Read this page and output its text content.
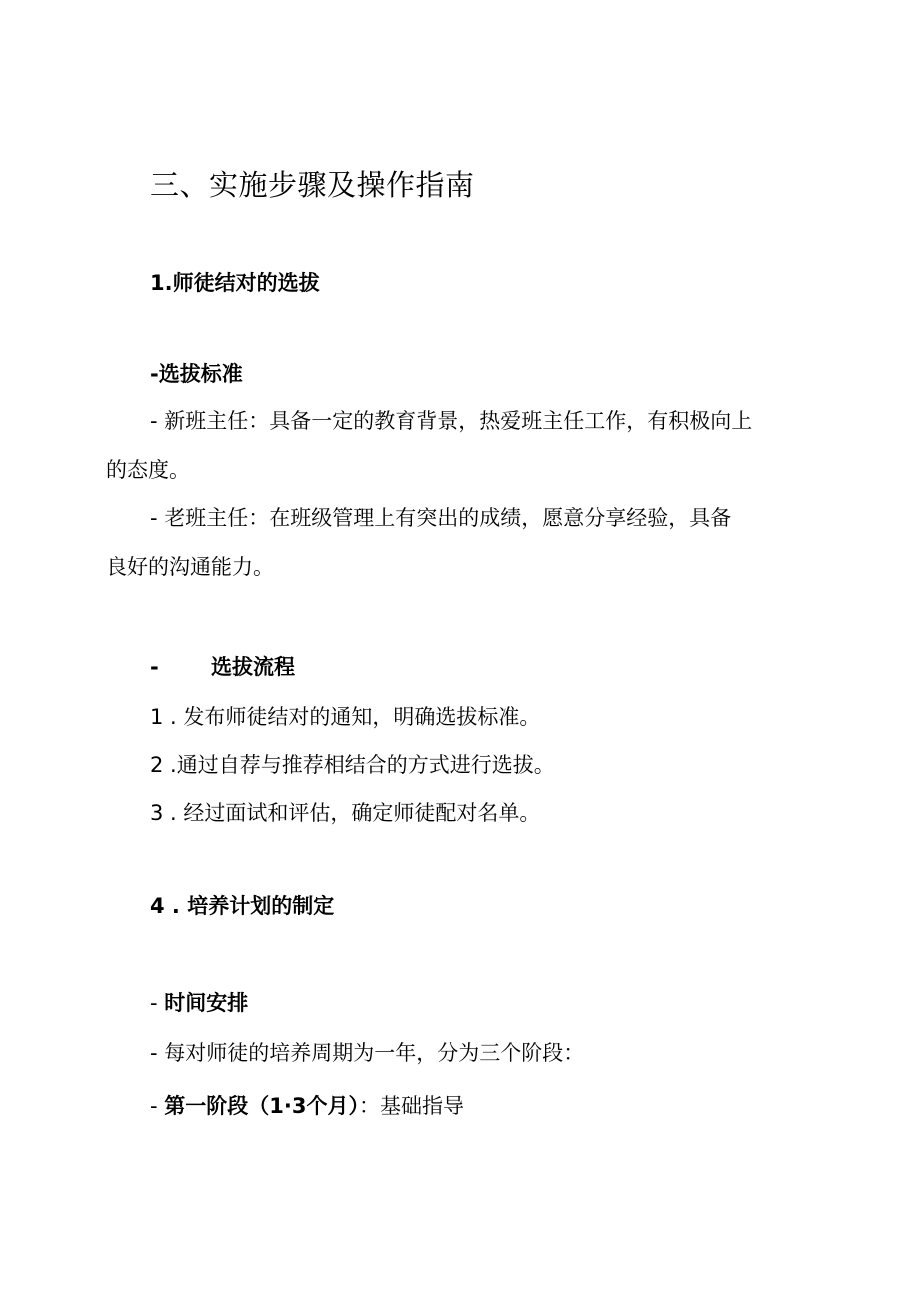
三、实施步骤及操作指南
1.师徒结对的选拔
-选拔标准
- 新班主任：具备一定的教育背景，热爱班主任工作，有积极向上
的态度。
- 老班主任：在班级管理上有突出的成绩，愿意分享经验，具备
良好的沟通能力。
- 选拔流程
1 . 发布师徒结对的通知，明确选拔标准。
2 .通过自荐与推荐相结合的方式进行选拔。
3 . 经过面试和评估，确定师徒配对名单。
4 . 培养计划的制定
- 时间安排
- 每对师徒的培养周期为一年，分为三个阶段：
- 第一阶段（1·3个月）：基础指导
